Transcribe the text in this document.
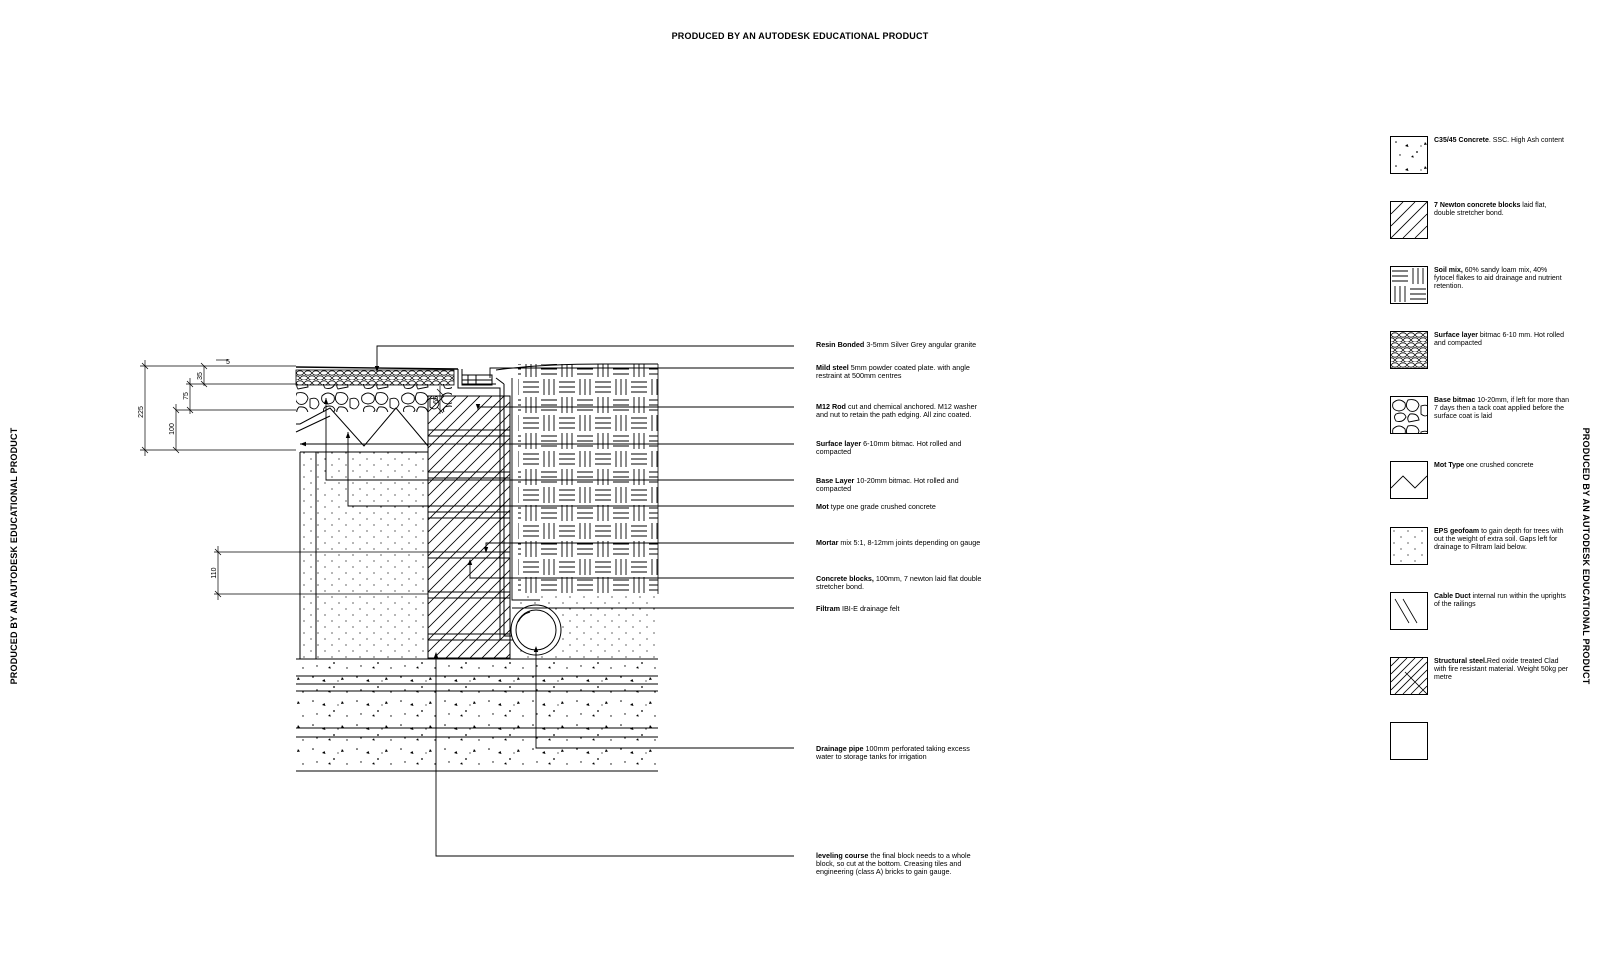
PRODUCED BY AN AUTODESK EDUCATIONAL PRODUCT
PRODUCED BY AN AUTODESK EDUCATIONAL PRODUCT	PRODUCED BY AN AUTODESK EDUCATIONAL PRODUCT
225
75
100
5
35
65
110
Resin Bonded 3-5mm Silver Grey angular granite
Mild steel 5mm powder coated plate. with angle restraint at 500mm centres
M12 Rod cut and chemical anchored. M12 washer and nut to retain the path edging. All zinc coated.
Surface layer 6-10mm bitmac. Hot rolled and compacted
Base Layer 10-20mm bitmac. Hot rolled and compacted
Mot type one grade crushed concrete
Mortar mix 5:1, 8-12mm joints depending on gauge
Concrete blocks, 100mm, 7 newton laid flat double stretcher bond.
Filtram IBI-E drainage felt
Drainage pipe 100mm perforated taking excess water to storage tanks for irrigation
leveling course the final block needs to a whole block, so cut at the bottom. Creasing tiles and engineering (class A) bricks to gain gauge.
C35/45 Concrete. SSC. High Ash content
7 Newton concrete blocks laid flat, double stretcher bond.
Soil mix, 60% sandy loam mix, 40% fytocel flakes to aid drainage and nutrient retention.
Surface layer bitmac 6-10 mm. Hot rolled and compacted
Base bitmac 10-20mm, if left for more than 7 days then a tack coat applied before the surface coat is laid
Mot Type one crushed concrete
EPS geofoam to gain depth for trees with out the weight of extra soil. Gaps left for drainage to Filtram laid below.
Cable Duct internal run within the uprights of the railings
Structural steel.Red oxide treated Clad with fire resistant material. Weight 50kg per metre
